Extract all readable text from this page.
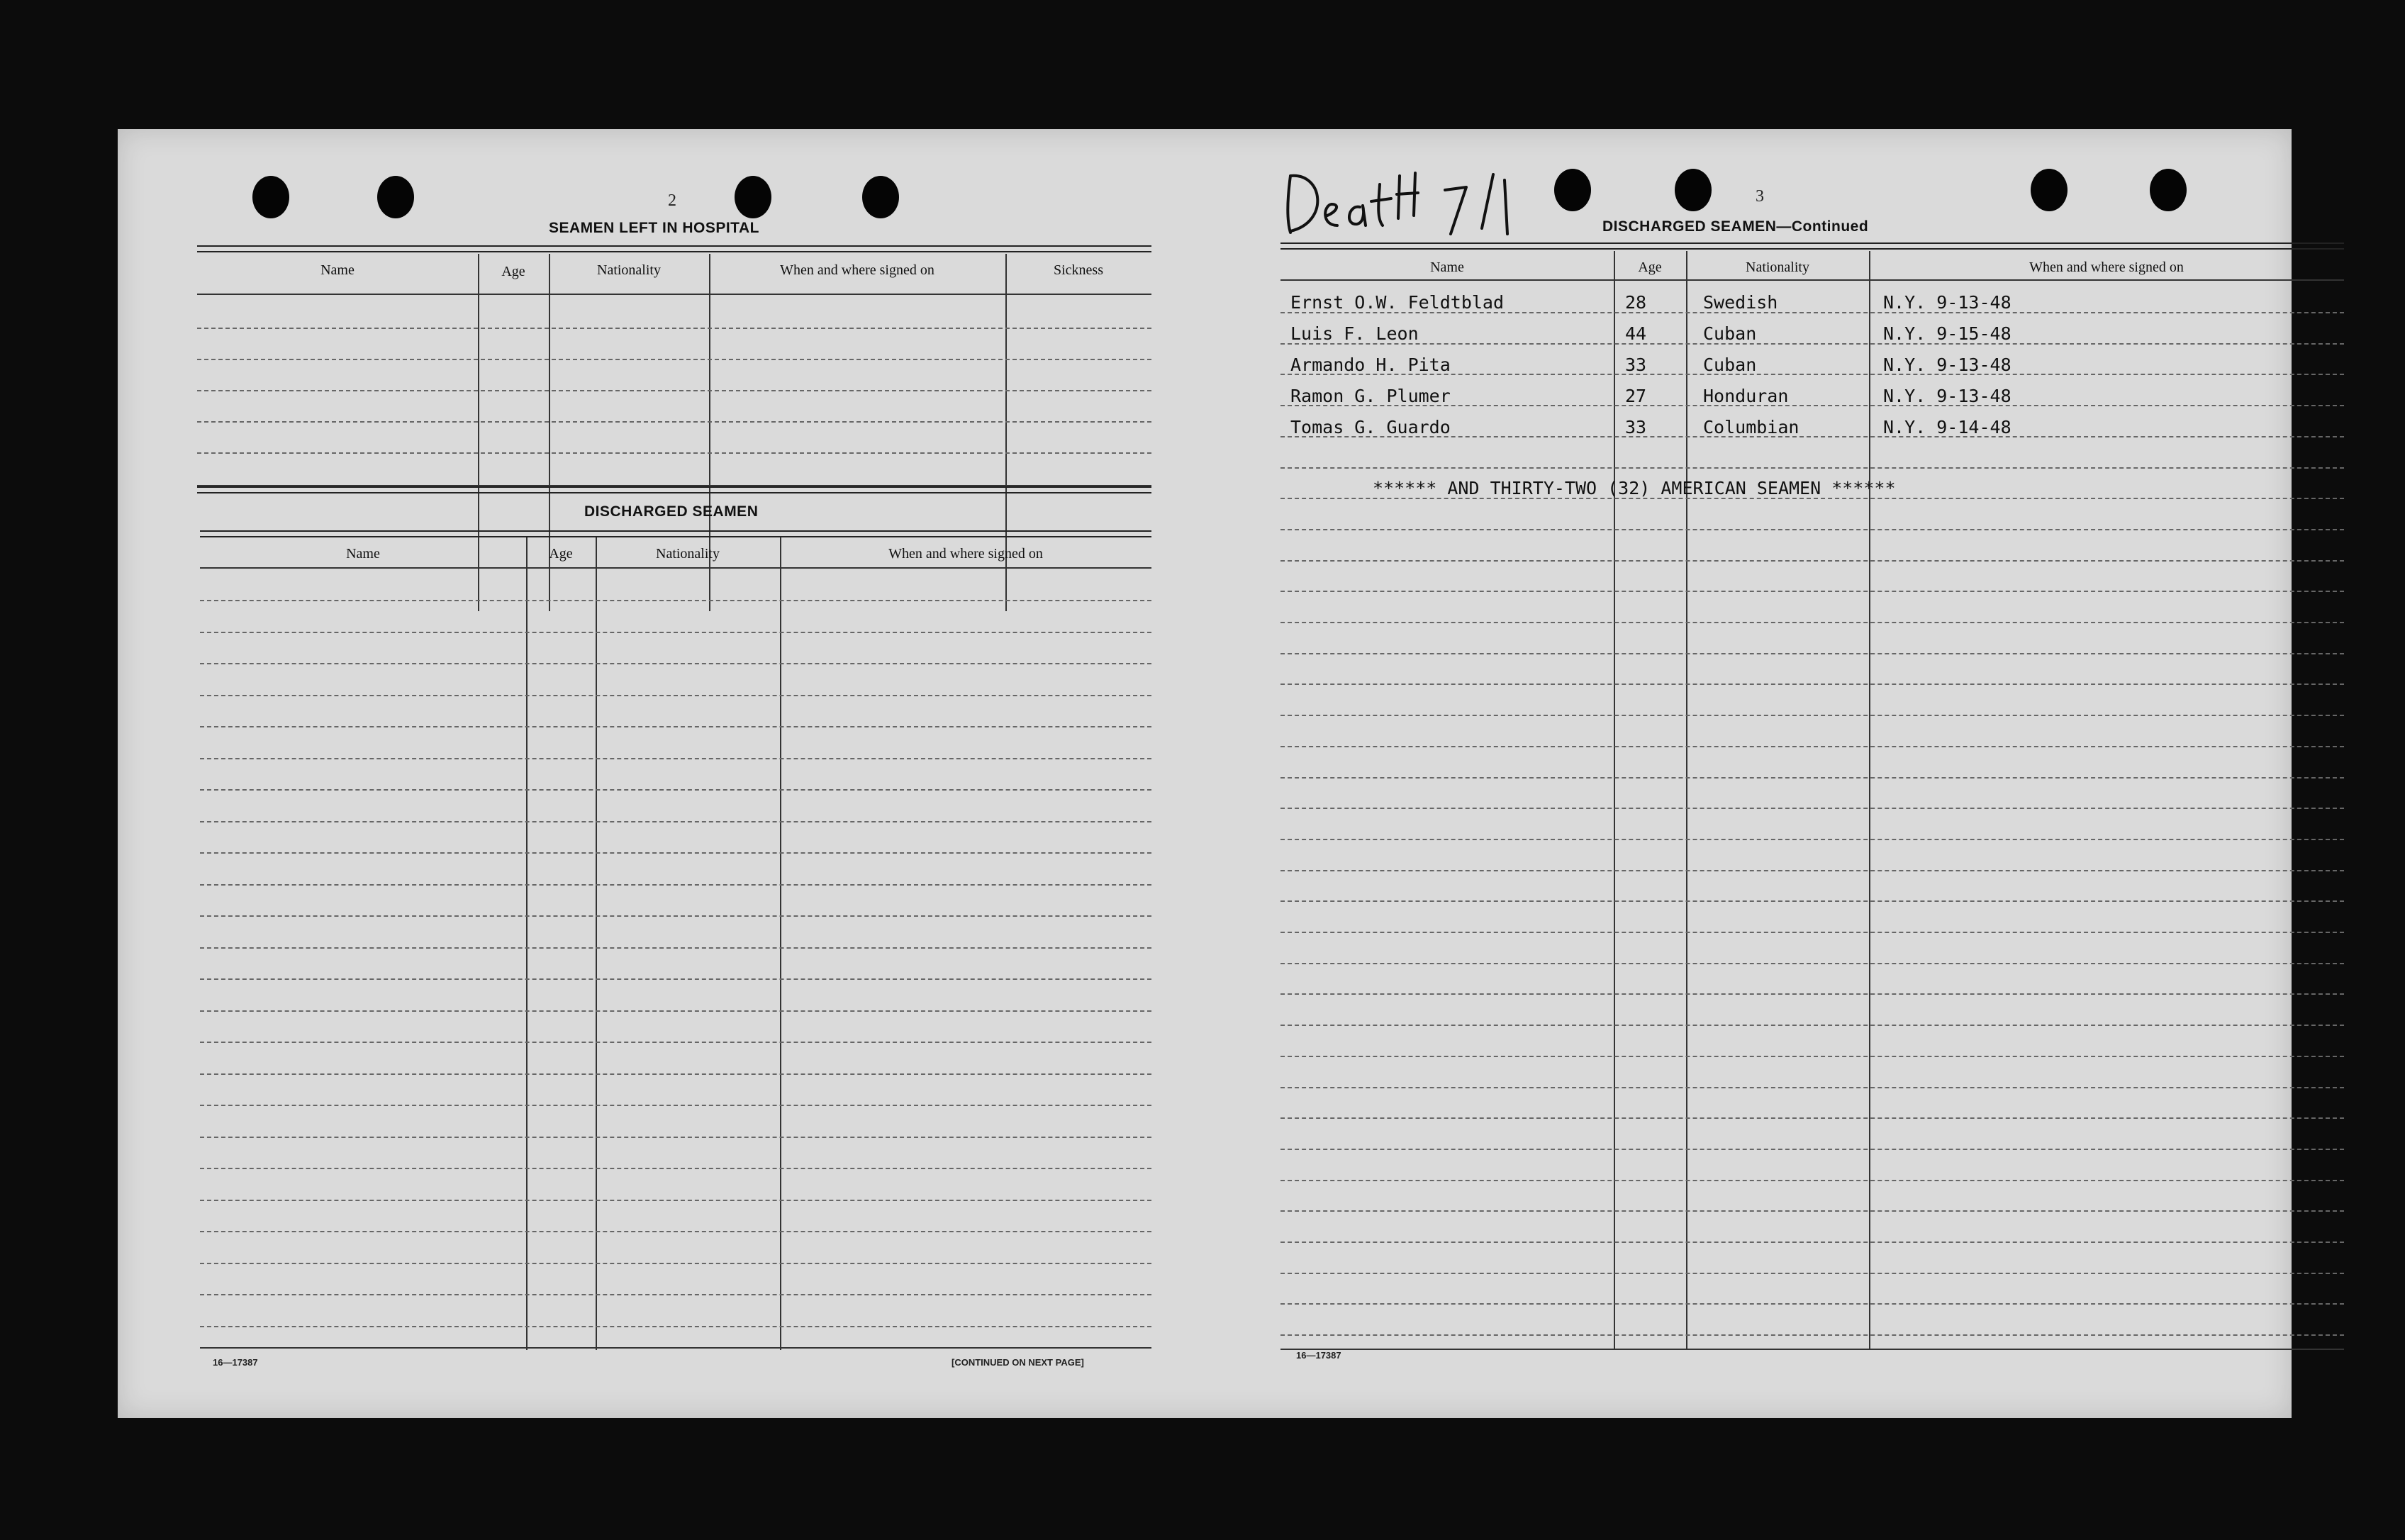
2
SEAMEN LEFT IN HOSPITAL
Name	Age	Nationality	When and where signed on	Sickness
DISCHARGED SEAMEN
Name	Age	Nationality	When and where signed on
16—17387	[CONTINUED ON NEXT PAGE]
3
DISCHARGED SEAMEN—Continued
Name	Age	Nationality	When and where signed on
Ernst O.W. Feldtblad	28	Swedish	N.Y. 9-13-48
Luis F. Leon	44	Cuban	N.Y. 9-15-48
Armando H. Pita	33	Cuban	N.Y. 9-13-48
Ramon G. Plumer	27	Honduran	N.Y. 9-13-48
Tomas G. Guardo	33	Columbian	N.Y. 9-14-48
****** AND THIRTY-TWO (32) AMERICAN SEAMEN ******
16—17387
